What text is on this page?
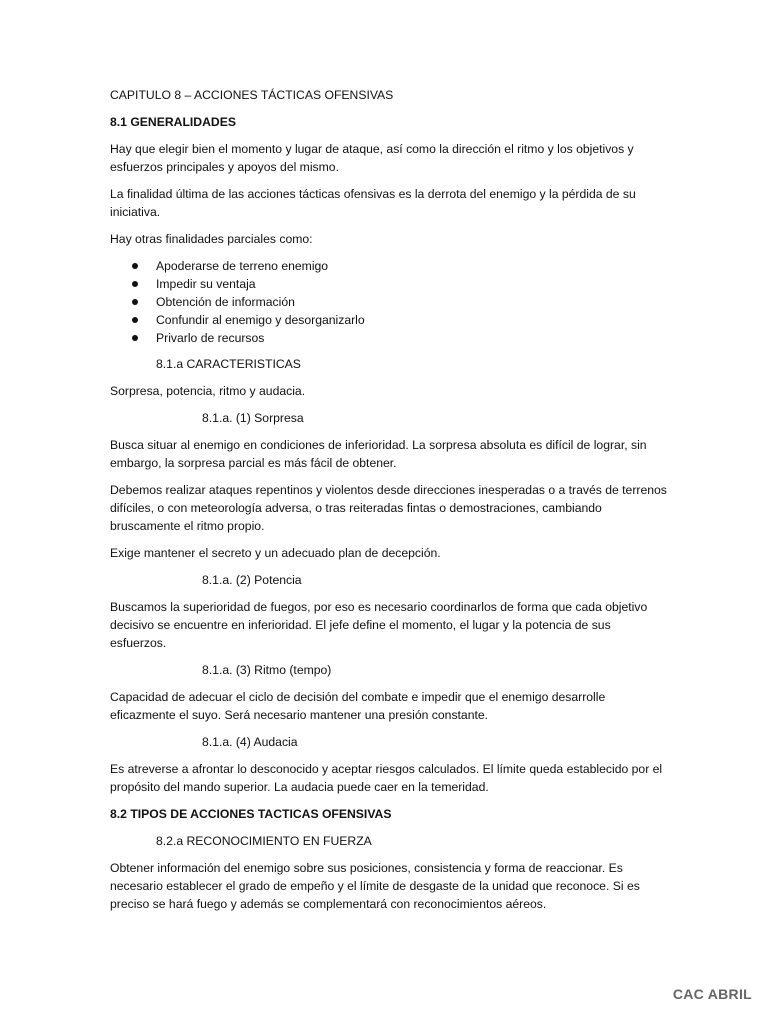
CAPITULO 8 – ACCIONES TÁCTICAS OFENSIVAS
8.1 GENERALIDADES

Hay que elegir bien el momento y lugar de ataque, así como la dirección el ritmo y los objetivos y esfuerzos principales y apoyos del mismo.

La finalidad última de las acciones tácticas ofensivas es la derrota del enemigo y la pérdida de su iniciativa.

Hay otras finalidades parciales como:

Apoderarse de terreno enemigo
Impedir su ventaja
Obtención de información
Confundir al enemigo y desorganizarlo
Privarlo de recursos
8.1.a CARACTERISTICAS

Sorpresa, potencia, ritmo y audacia.

8.1.a. (1) Sorpresa

Busca situar al enemigo en condiciones de inferioridad. La sorpresa absoluta es difícil de lograr, sin embargo, la sorpresa parcial es más fácil de obtener.

Debemos realizar ataques repentinos y violentos desde direcciones inesperadas o a través de terrenos difíciles, o con meteorología adversa, o tras reiteradas fintas o demostraciones, cambiando bruscamente el ritmo propio.

Exige mantener el secreto y un adecuado plan de decepción.

8.1.a. (2) Potencia

Buscamos la superioridad de fuegos, por eso es necesario coordinarlos de forma que cada objetivo decisivo se encuentre en inferioridad. El jefe define el momento, el lugar y la potencia de sus esfuerzos.

8.1.a. (3) Ritmo (tempo)

Capacidad de adecuar el ciclo de decisión del combate e impedir que el enemigo desarrolle eficazmente el suyo. Será necesario mantener una presión constante.

8.1.a. (4) Audacia

Es atreverse a afrontar lo desconocido y aceptar riesgos calculados. El límite queda establecido por el propósito del mando superior. La audacia puede caer en la temeridad.

8.2 TIPOS DE ACCIONES TACTICAS OFENSIVAS
8.2.a RECONOCIMIENTO EN FUERZA

Obtener información del enemigo sobre sus posiciones, consistencia y forma de reaccionar. Es necesario establecer el grado de empeño y el límite de desgaste de la unidad que reconoce. Si es preciso se hará fuego y además se complementará con reconocimientos aéreos.

CAC ABRIL
